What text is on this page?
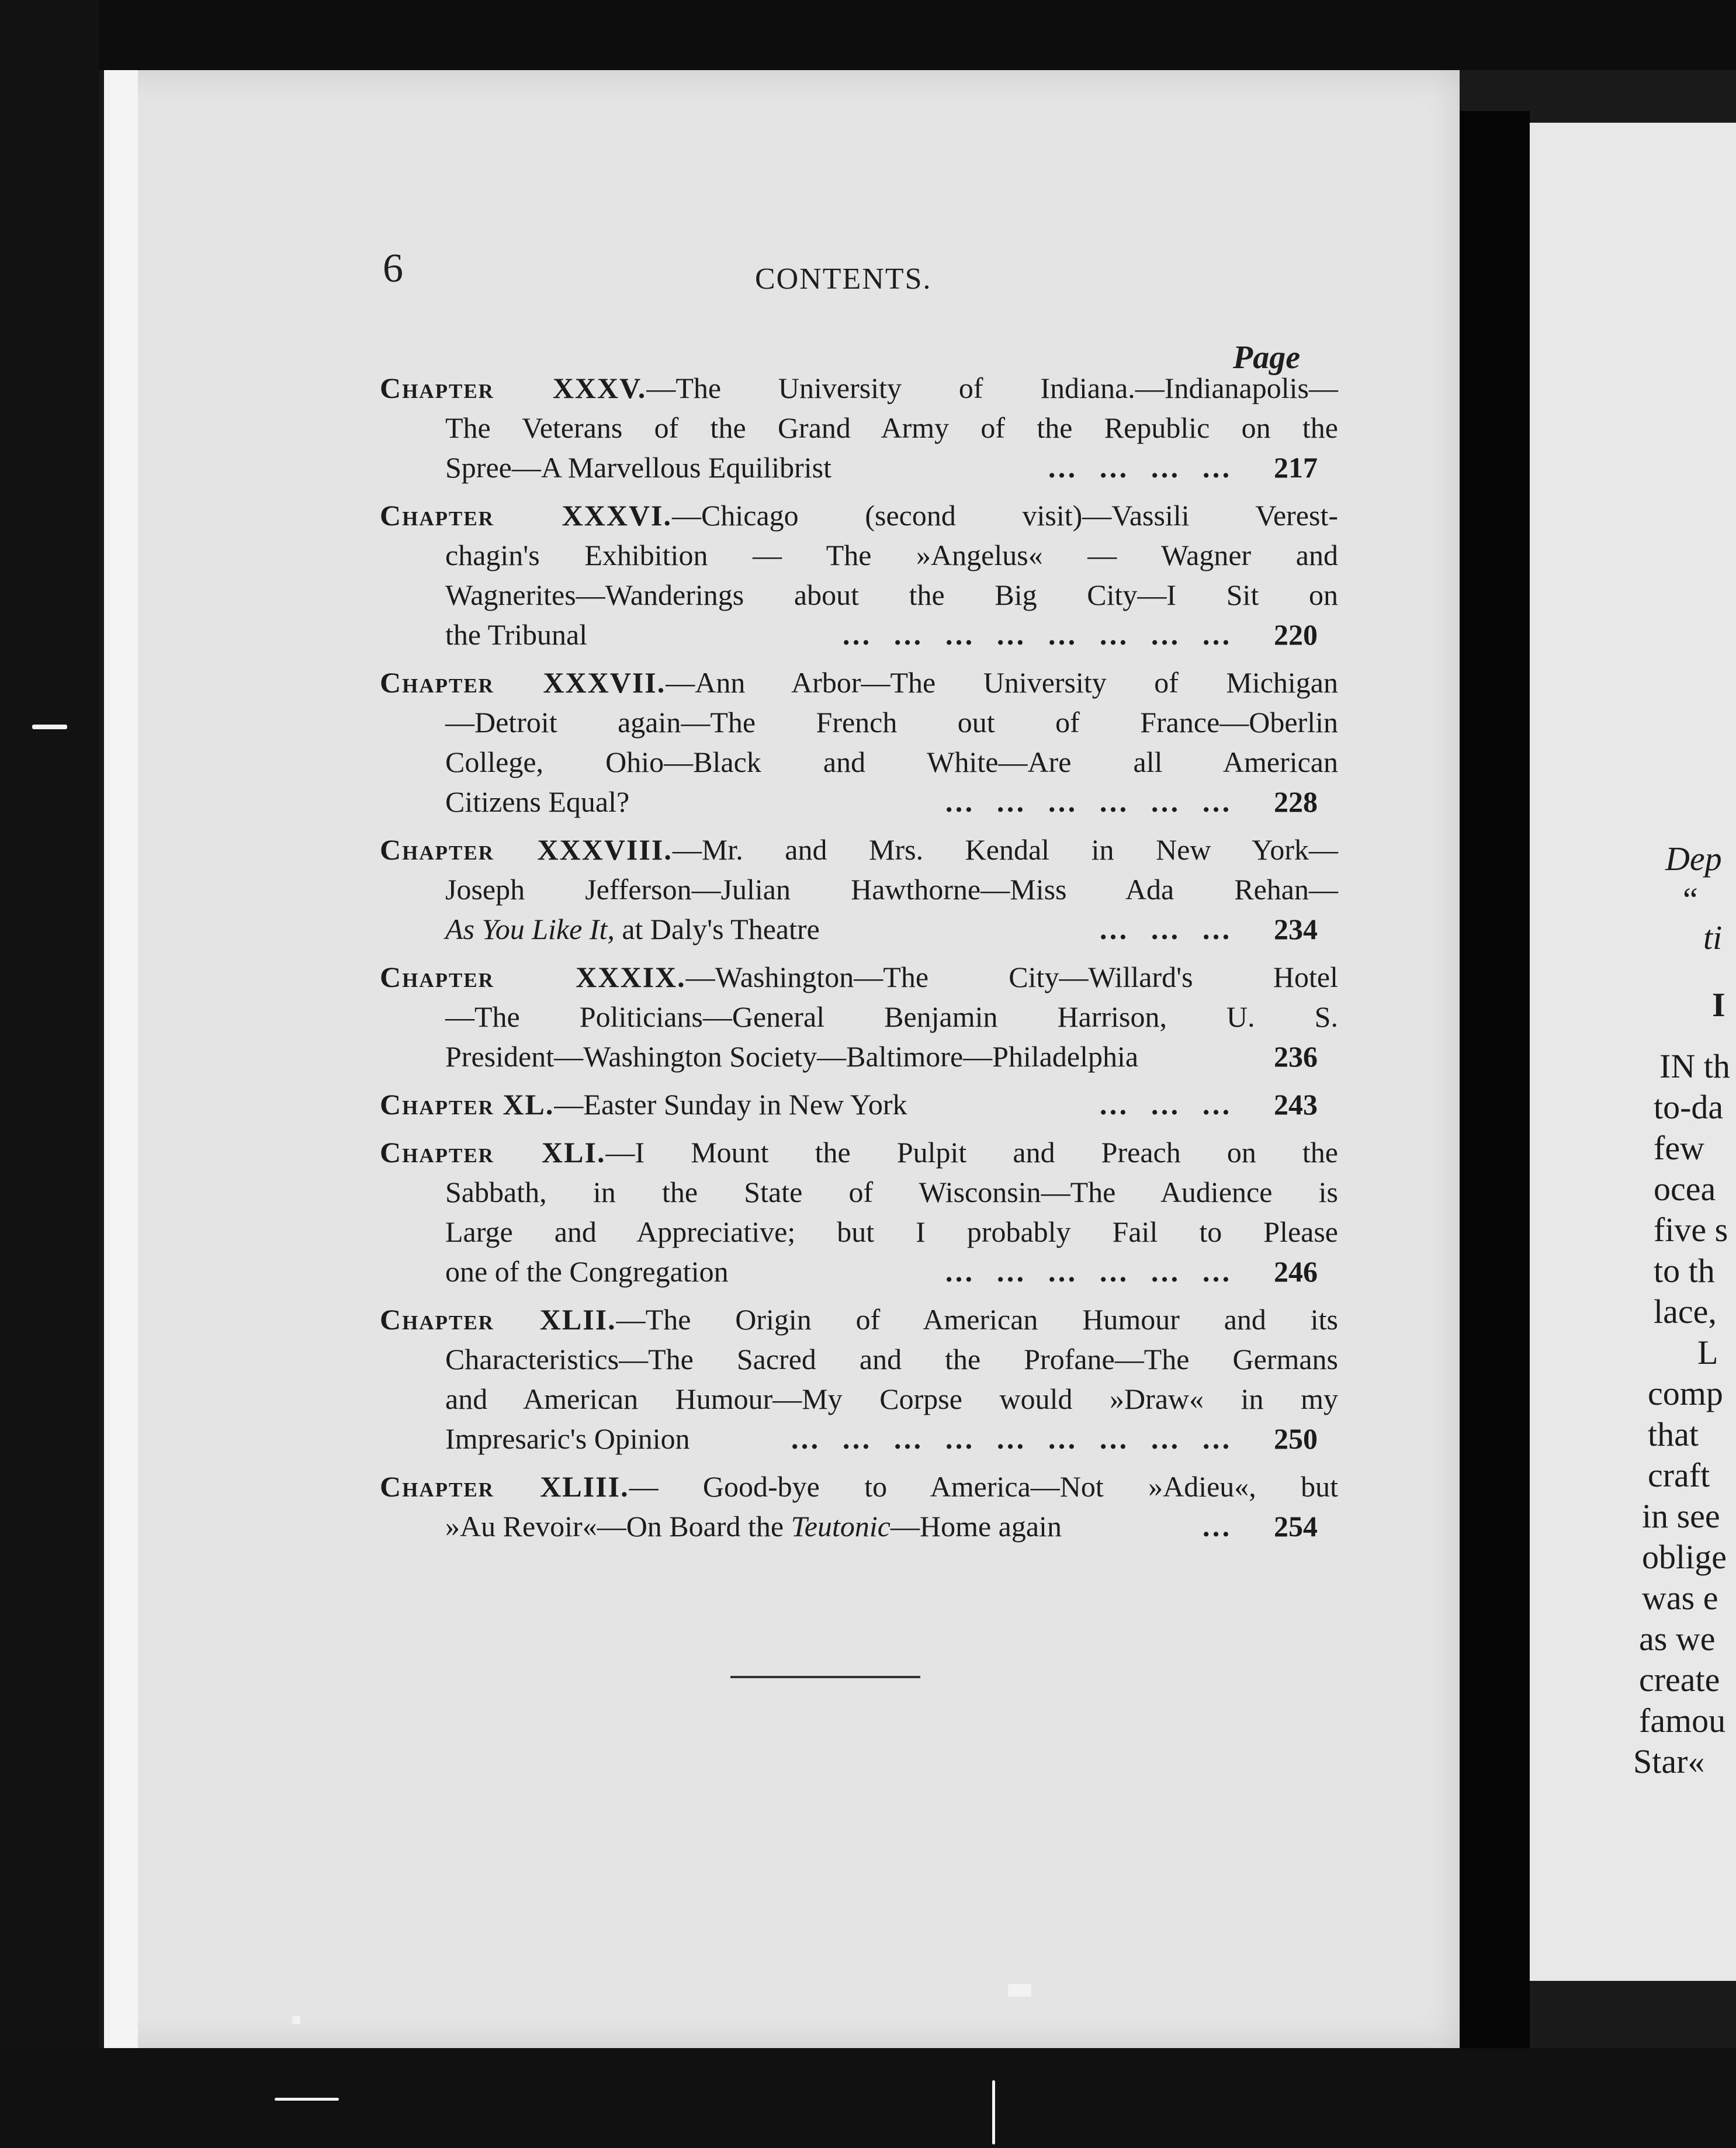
6	CONTENTS.
Page
Chapter XXXV.—The University of Indiana.—Indianapolis—
The Veterans of the Grand Army of the Republic on the
Spree—A Marvellous Equilibrist	………… 217
Chapter XXXVI.—Chicago (second visit)—Vassili Verest-
chagin's Exhibition — The »Angelus« — Wagner and
Wagnerites—Wanderings about the Big City—I Sit on
the Tribunal	…………………… 220
Chapter XXXVII.—Ann Arbor—The University of Michigan
—Detroit again—The French out of France—Oberlin
College, Ohio—Black and White—Are all American
Citizens Equal?	……………… 228
Chapter XXXVIII.—Mr. and Mrs. Kendal in New York—
Joseph Jefferson—Julian Hawthorne—Miss Ada Rehan—
As You Like It, at Daly's Theatre	……… 234
Chapter XXXIX.—Washington—The City—Willard's Hotel
—The Politicians—General Benjamin Harrison, U. S.
President—Washington Society—Baltimore—Philadelphia	236
Chapter XL.—Easter Sunday in New York	……… 243
Chapter XLI.—I Mount the Pulpit and Preach on the
Sabbath, in the State of Wisconsin—The Audience is
Large and Appreciative; but I probably Fail to Please
one of the Congregation	……………… 246
Chapter XLII.—The Origin of American Humour and its
Characteristics—The Sacred and the Profane—The Germans
and American Humour—My Corpse would »Draw« in my
Impresaric's Opinion	……………………… 250
Chapter XLIII.— Good-bye to America—Not »Adieu«, but
»Au Revoir«—On Board the Teutonic—Home again	… 254
Dep
“
ti
I
IN th
to-da
few
ocea
five s
to th
lace,
L
comp
that
craft
in see
oblige
was e
as we
create
famou
Star«
